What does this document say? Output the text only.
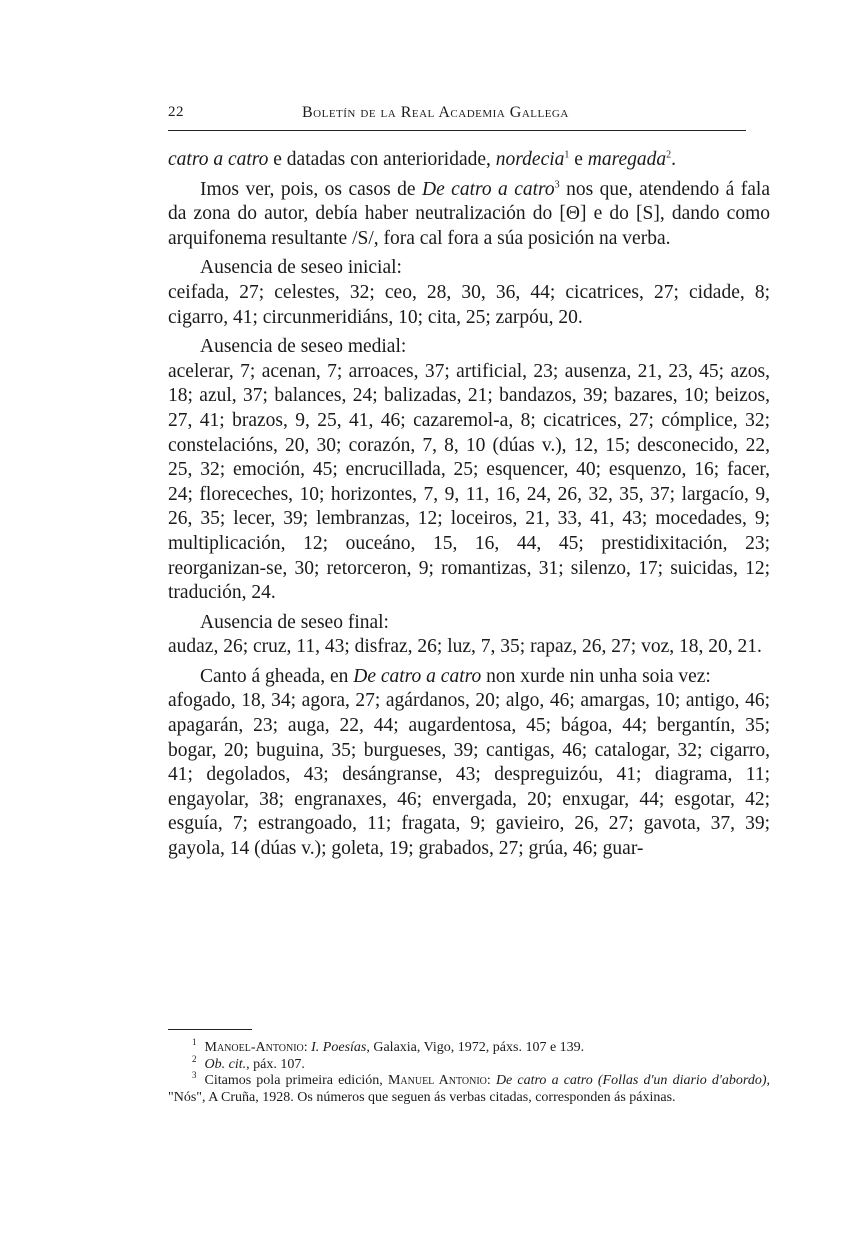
22	Boletín de la Real Academia Gallega

catro a catro e datadas con anterioridade, nordecia$^1$ e maregada$^2$.

Imos ver, pois, os casos de De catro a catro$^3$ nos que, atendendo á fala da zona do autor, debía haber neutralización do [Θ] e do [S], dando como arquifonema resultante /S/, fora cal fora a súa posición na verba.

Ausencia de seseo inicial:

ceifada, 27; celestes, 32; ceo, 28, 30, 36, 44; cicatrices, 27; cidade, 8; cigarro, 41; circunmeridiáns, 10; cita, 25; zarpóu, 20.

Ausencia de seseo medial:

acelerar, 7; acenan, 7; arroaces, 37; artificial, 23; ausenza, 21, 23, 45; azos, 18; azul, 37; balances, 24; balizadas, 21; bandazos, 39; bazares, 10; beizos, 27, 41; brazos, 9, 25, 41, 46; cazaremol-a, 8; cicatrices, 27; cómplice, 32; constelacións, 20, 30; corazón, 7, 8, 10 (dúas v.), 12, 15; desconecido, 22, 25, 32; emoción, 45; encrucillada, 25; esquencer, 40; esquenzo, 16; facer, 24; floreceches, 10; horizontes, 7, 9, 11, 16, 24, 26, 32, 35, 37; largacío, 9, 26, 35; lecer, 39; lembranzas, 12; loceiros, 21, 33, 41, 43; mocedades, 9; multiplicación, 12; ouceáno, 15, 16, 44, 45; prestidixitación, 23; reorganizan-se, 30; retorceron, 9; romantizas, 31; silenzo, 17; suicidas, 12; tradución, 24.

Ausencia de seseo final:

audaz, 26; cruz, 11, 43; disfraz, 26; luz, 7, 35; rapaz, 26, 27; voz, 18, 20, 21.

Canto á gheada, en De catro a catro non xurde nin unha soia vez:

afogado, 18, 34; agora, 27; agárdanos, 20; algo, 46; amargas, 10; antigo, 46; apagarán, 23; auga, 22, 44; augardentosa, 45; bágoa, 44; bergantín, 35; bogar, 20; buguina, 35; burgueses, 39; cantigas, 46; catalogar, 32; cigarro, 41; degolados, 43; desángranse, 43; despreguizóu, 41; diagrama, 11; engayolar, 38; engranaxes, 46; envergada, 20; enxugar, 44; esgotar, 42; esguía, 7; estrangoado, 11; fragata, 9; gavieiro, 26, 27; gavota, 37, 39; gayola, 14 (dúas v.); goleta, 19; grabados, 27; grúa, 46; guar-

$^1$ Manoel-Antonio: I. Poesías, Galaxia, Vigo, 1972, páxs. 107 e 139.

$^2$ Ob. cit., páx. 107.

$^3$ Citamos pola primeira edición, Manuel Antonio: De catro a catro (Follas d'un diario d'abordo), "Nós", A Cruña, 1928. Os números que seguen ás verbas citadas, corresponden ás páxinas.
